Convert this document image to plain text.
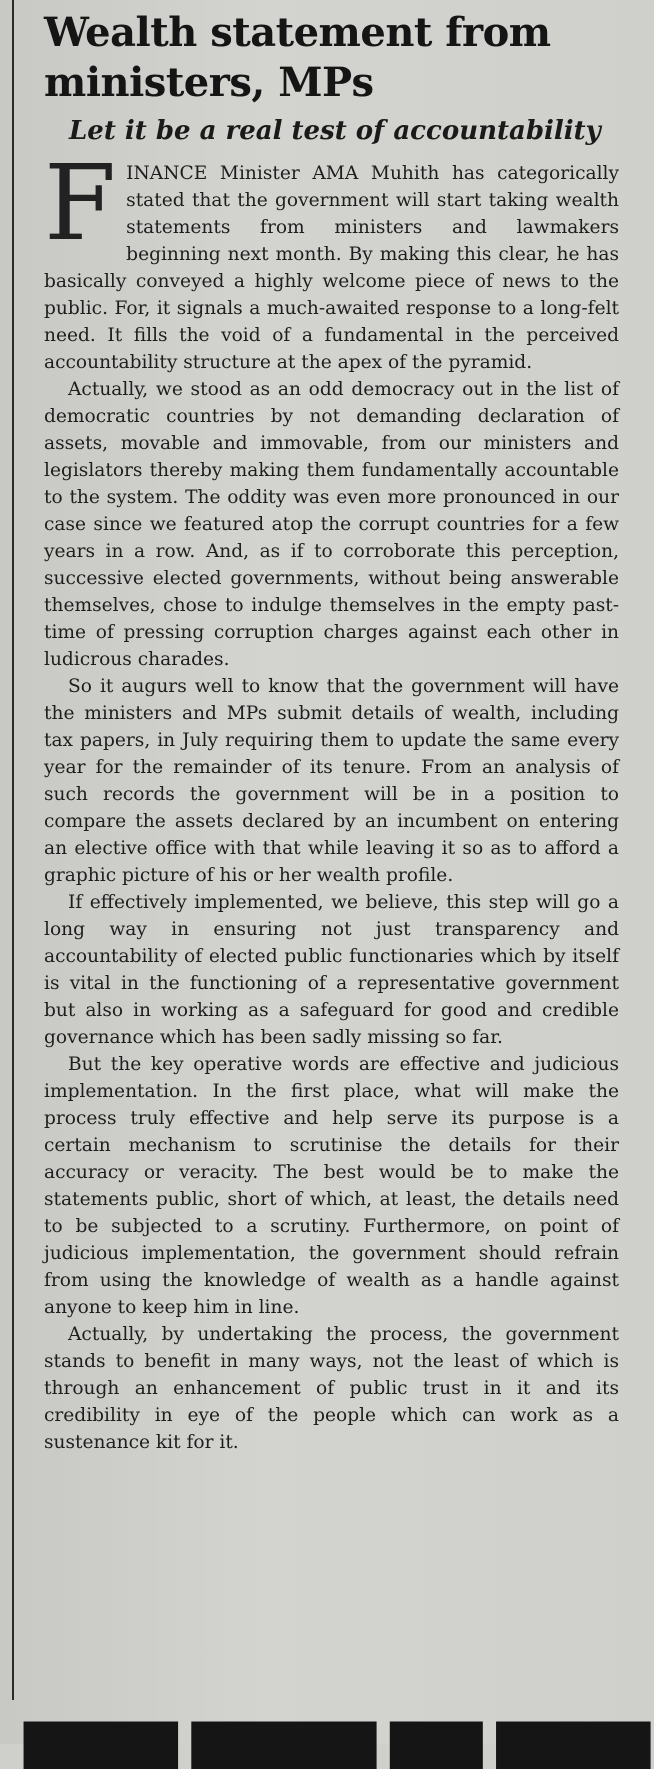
Wealth statement from ministers, MPs
Let it be a real test of accountability

FINANCE Minister AMA Muhith has categorically stated that the government will start taking wealth statements from ministers and lawmakers beginning next month. By making this clear, he has basically conveyed a highly welcome piece of news to the public. For, it signals a much-awaited response to a long-felt need. It fills the void of a fundamental in the perceived accountability structure at the apex of the pyramid.

Actually, we stood as an odd democracy out in the list of democratic countries by not demanding declaration of assets, movable and immovable, from our ministers and legislators thereby making them fundamentally accountable to the system. The oddity was even more pronounced in our case since we featured atop the corrupt countries for a few years in a row. And, as if to corroborate this perception, successive elected governments, without being answerable themselves, chose to indulge themselves in the empty past-time of pressing corruption charges against each other in ludicrous charades.

So it augurs well to know that the government will have the ministers and MPs submit details of wealth, including tax papers, in July requiring them to update the same every year for the remainder of its tenure. From an analysis of such records the government will be in a position to compare the assets declared by an incumbent on entering an elective office with that while leaving it so as to afford a graphic picture of his or her wealth profile.

If effectively implemented, we believe, this step will go a long way in ensuring not just transparency and accountability of elected public functionaries which by itself is vital in the functioning of a representative government but also in working as a safeguard for good and credible governance which has been sadly missing so far.

But the key operative words are effective and judicious implementation. In the first place, what will make the process truly effective and help serve its purpose is a certain mechanism to scrutinise the details for their accuracy or veracity. The best would be to make the statements public, short of which, at least, the details need to be subjected to a scrutiny. Furthermore, on point of judicious implementation, the government should refrain from using the knowledge of wealth as a handle against anyone to keep him in line.

Actually, by undertaking the process, the government stands to benefit in many ways, not the least of which is through an enhancement of public trust in it and its credibility in eye of the people which can work as a sustenance kit for it.

█████ ██████ ███ █████
